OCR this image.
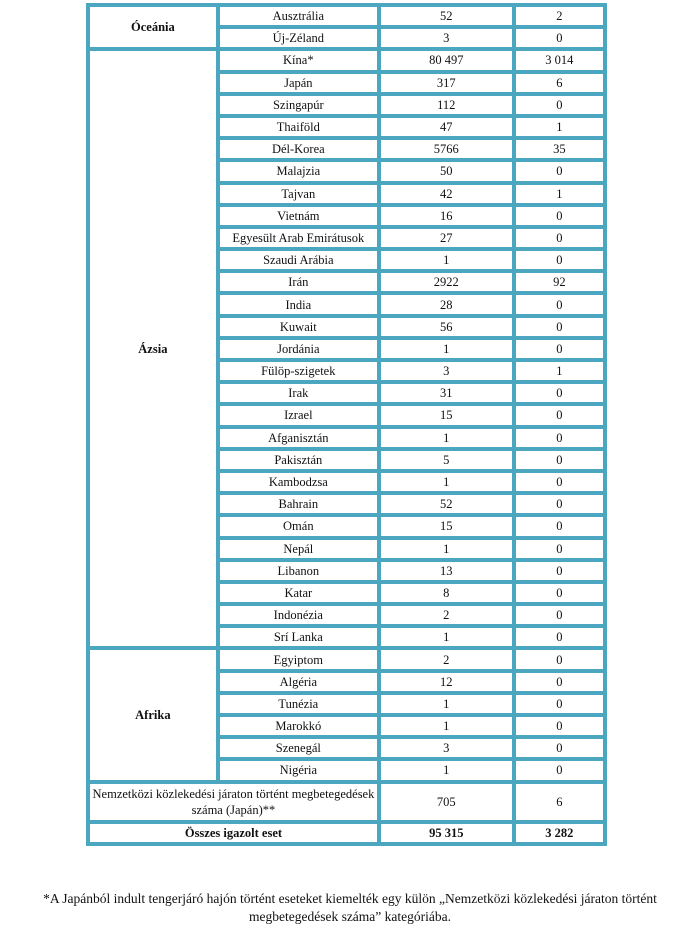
Óceánia	Ausztrália	52	2
	Új-Zéland	3	0
Ázsia	Kína*	80 497	3 014
	Japán	317	6
	Szingapúr	112	0
	Thaiföld	47	1
	Dél-Korea	5766	35
	Malajzia	50	0
	Tajvan	42	1
	Vietnám	16	0
	Egyesült Arab Emirátusok	27	0
	Szaudi Arábia	1	0
	Irán	2922	92
	India	28	0
	Kuwait	56	0
	Jordánia	1	0
	Fülöp-szigetek	3	1
	Irak	31	0
	Izrael	15	0
	Afganisztán	1	0
	Pakisztán	5	0
	Kambodzsa	1	0
	Bahrain	52	0
	Omán	15	0
	Nepál	1	0
	Libanon	13	0
	Katar	8	0
	Indonézia	2	0
	Srí Lanka	1	0
Afrika	Egyiptom	2	0
	Algéria	12	0
	Tunézia	1	0
	Marokkó	1	0
	Szenegál	3	0
	Nigéria	1	0
Nemzetközi közlekedési járaton történt megbetegedések száma (Japán)**		705	6
Összes igazolt eset		95 315	3 282
*A Japánból indult tengerjáró hajón történt eseteket kiemelték egy külön „Nemzetközi közlekedési járaton történt megbetegedések száma” kategóriába.
